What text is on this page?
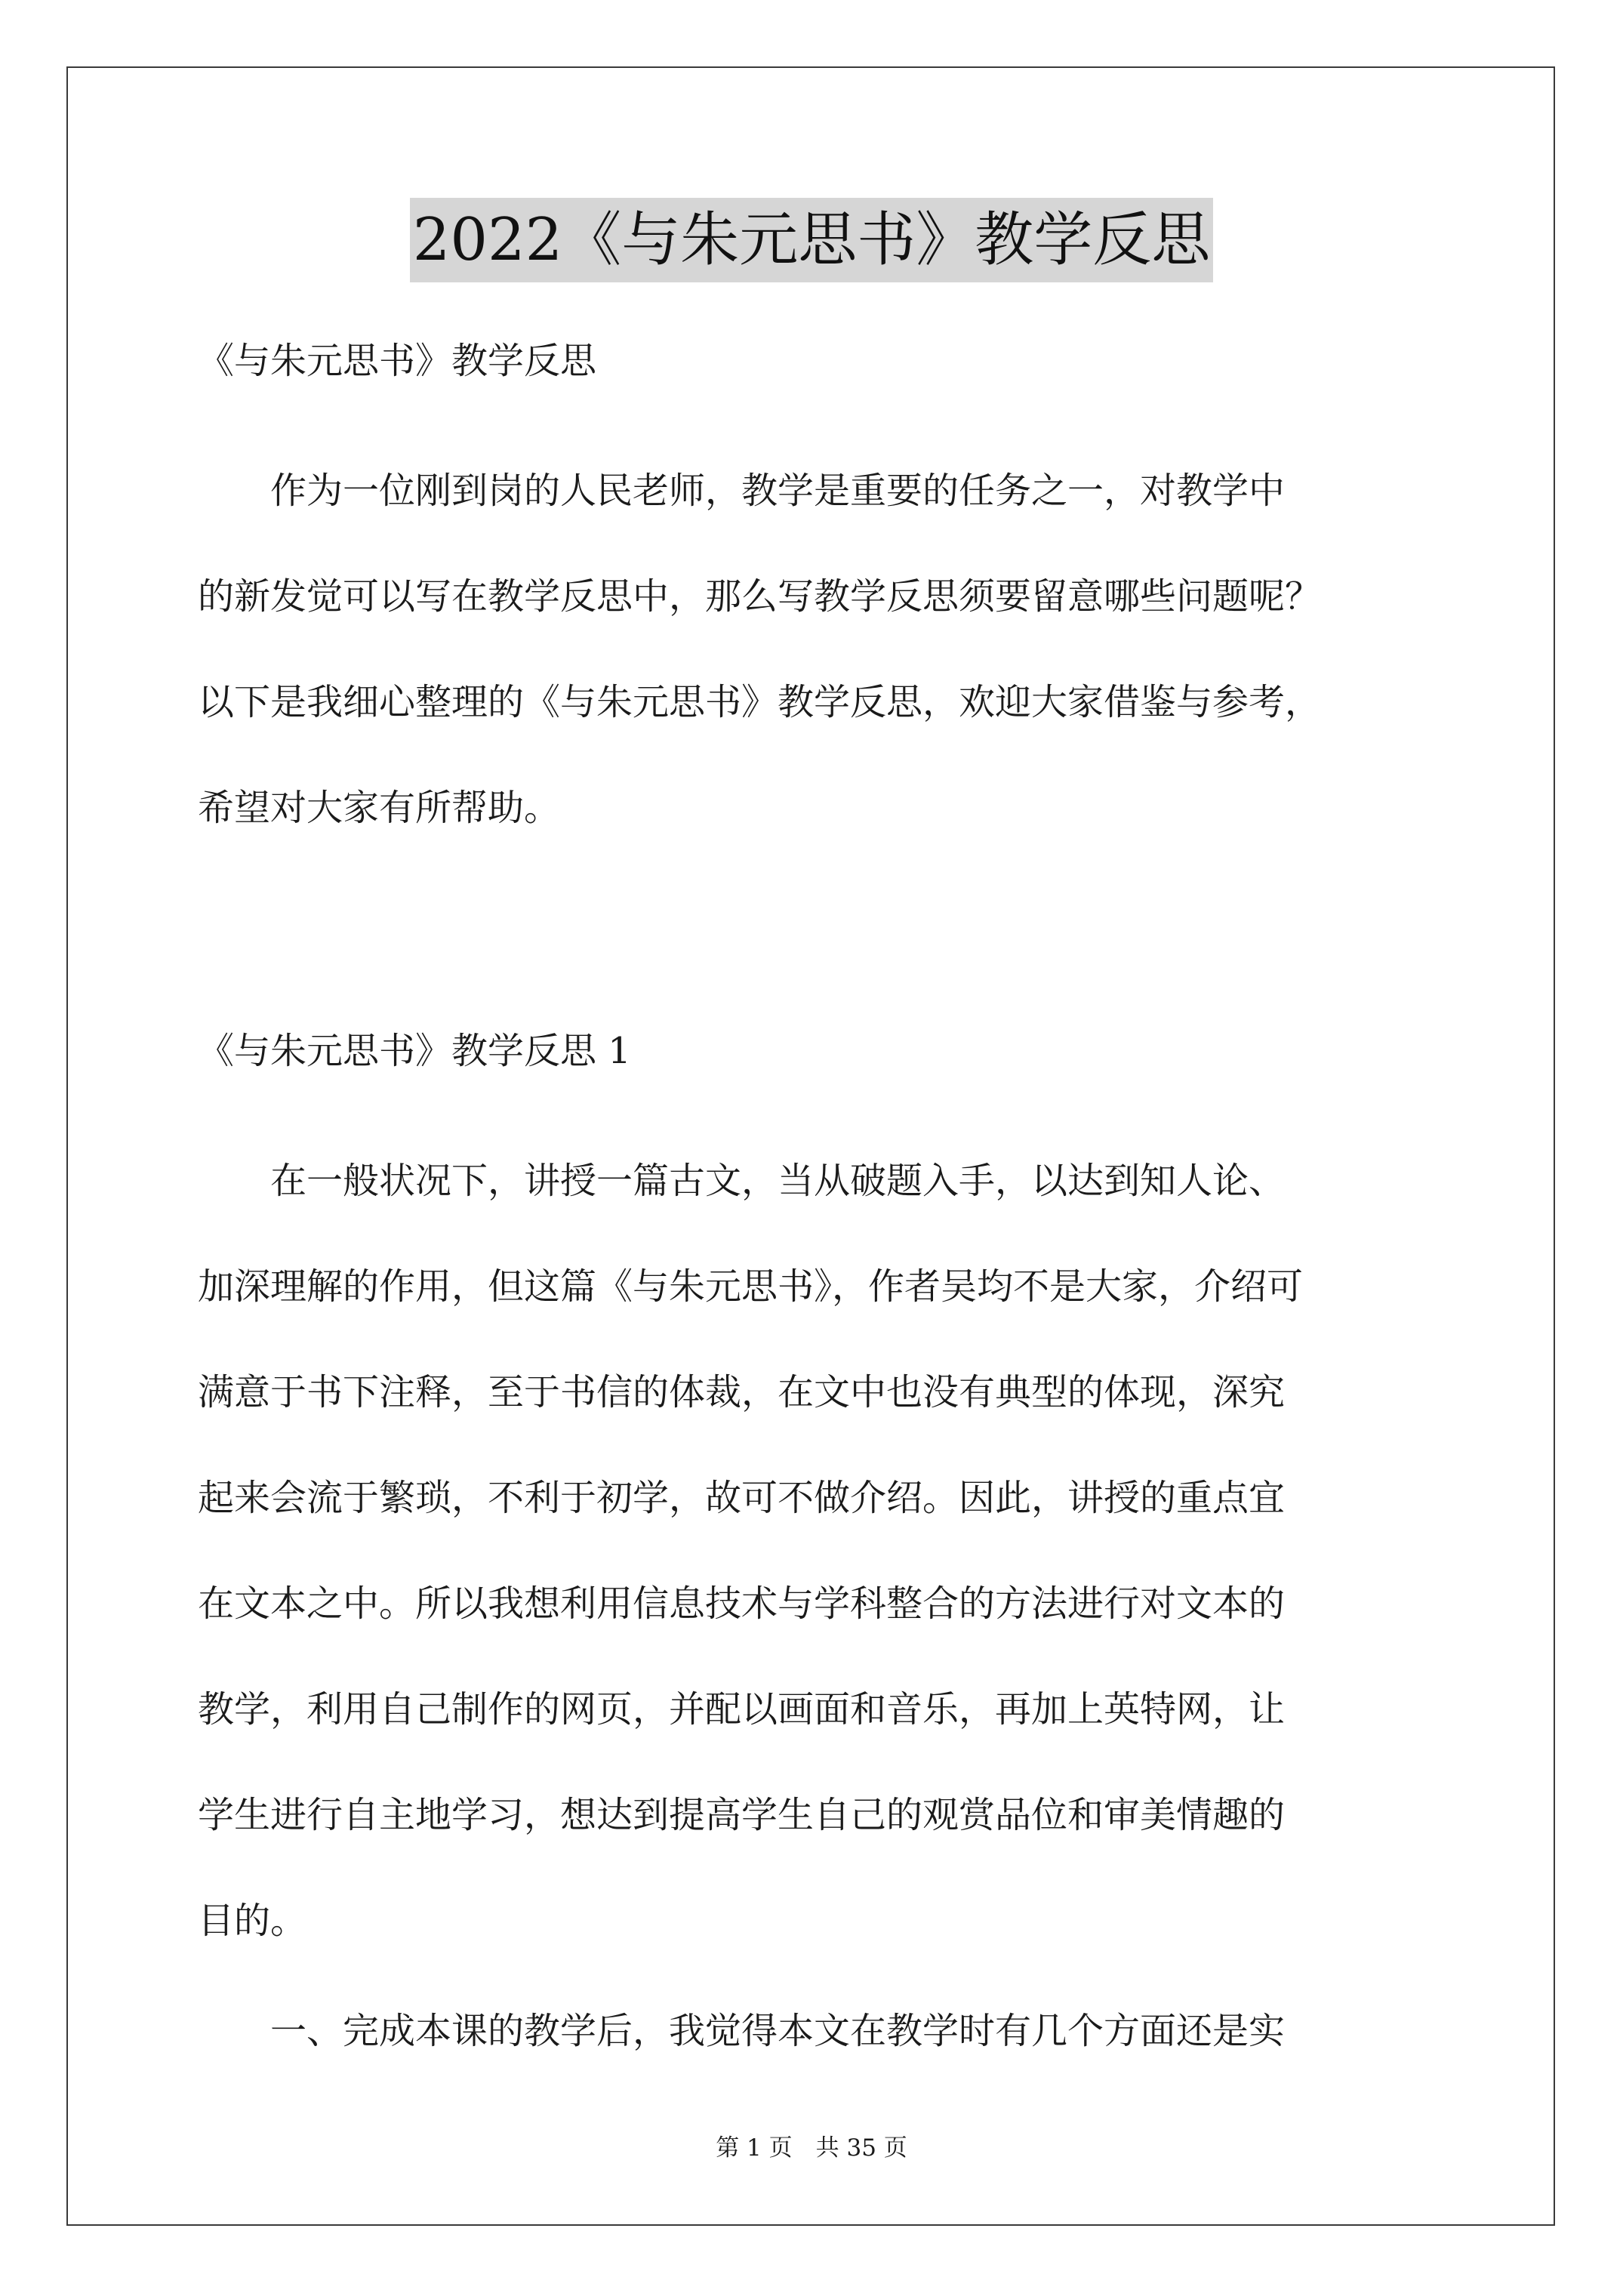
2022《与朱元思书》教学反思
《与朱元思书》教学反思
　　作为一位刚到岗的人民老师，教学是重要的任务之一，对教学中
的新发觉可以写在教学反思中，那么写教学反思须要留意哪些问题呢？
以下是我细心整理的《与朱元思书》教学反思，欢迎大家借鉴与参考，
希望对大家有所帮助。
《与朱元思书》教学反思 1
　　在一般状况下，讲授一篇古文，当从破题入手，以达到知人论、
加深理解的作用，但这篇《与朱元思书》，作者吴均不是大家，介绍可
满意于书下注释，至于书信的体裁，在文中也没有典型的体现，深究
起来会流于繁琐，不利于初学，故可不做介绍。因此，讲授的重点宜
在文本之中。所以我想利用信息技术与学科整合的方法进行对文本的
教学，利用自己制作的网页，并配以画面和音乐，再加上英特网，让
学生进行自主地学习，想达到提高学生自己的观赏品位和审美情趣的
目的。
　　一、完成本课的教学后，我觉得本文在教学时有几个方面还是实
第 1 页　共 35 页
